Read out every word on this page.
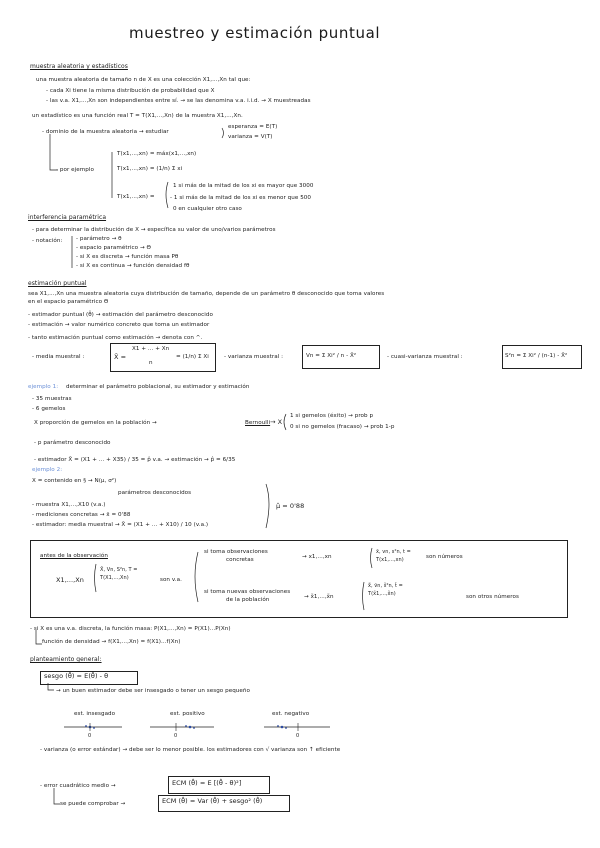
muestreo y estimación puntual
muestra aleatoria y estadísticos
una muestra aleatoria de tamaño n de X es una colección X1,...,Xn tal que:
- cada Xi tiene la misma distribución de probabilidad que X
- las v.a. X1,...,Xn son independientes entre sí. → se las denomina v.a. i.i.d. → X muestreadas
un estadístico es una función real T = T(X1,...,Xn) de la muestra X1,...,Xn.
- dominio de la muestra aleatoria → estudiar
esperanza = E(T)
varianza = V(T)
- por ejemplo
T(x1,...,xn) = máx(x1,...,xn)
T(x1,...,xn) = (1/n) Σ xi
T(x1,...,xn) =
1 si más de la mitad de los xi es mayor que 3000
- 1 si más de la mitad de los xi es menor que 500
0 en cualquier otro caso
interferencia paramétrica
- para determinar la distribución de X → específica su valor de uno/varios parámetros
- notación: - parámetro → θ
- espacio paramétrico → Θ
- si X es discreta → función masa Pθ
- si X es continua → función densidad fθ
estimación puntual
sea X1,...,Xn una muestra aleatoria cuya distribución de tamaño, depende de un parámetro θ desconocido que toma valores
en el espacio paramétrico Θ
- estimador puntual (θ̂) → estimación del parámetro desconocido
- estimación → valor numérico concreto que toma un estimador
- tanto estimación puntual como estimación → denota con ^.
- media muestral :	X̄ =
X1 + ... + Xn
n
= (1/n) Σ Xi	- varianza muestral :	Vn = Σ Xi² / n - X̄²	- cuasi-varianza muestral :	S²n = Σ Xi² / (n-1) - X̄²
ejemplo 1: determinar el parámetro poblacional, su estimador y estimación
- 35 muestras
- 6 gemelos
X proporción de gemelos en la población →	Bernoulli → X
1 si gemelos (éxito) → prob p
0 si no gemelos (fracaso) → prob 1-p
- p parámetro desconocido
- estimador X̄ = (X1 + ... + X35) / 35 = p̂ v.a. → estimación → p̂ = 6/35
ejemplo 2:
X = contenido en § → N(μ, σ²)
parámetros desconocidos
- muestra X1,...,X10 (v.a.)
- mediciones concretas → x̄ = 0'88
- estimador: media muestral → X̄ = (X1 + ... + X10) / 10 (v.a.)
μ̂ = 0'88
antes de la observación
X1,...,Xn
X̄, Vn, S²n, T = T(X1,...,Xn)	son v.a.
si toma observaciones
concretas	→ x1,...,xn
x̄, vn, s²n, t = T(x1,...,xn)	son números
si toma nuevas observaciones
de la población	→ x̃1,...,x̃n
x̃̄, ṽn, s̃²n, t̃ = T(x̃1,...,x̃n)	son otros números
- si X es una v.a. discreta, la función masa: P(X1,...,Xn) = P(X1)...P(Xn)
función de densidad → f(X1,...,Xn) = f(X1)...f(Xn)
planteamiento general:
sesgo (θ̂) = E(θ̂) - θ
→ un buen estimador debe ser insesgado o tener un sesgo pequeño
est. insesgado	est. positivo	est. negativo
0	0	0
- varianza (o error estándar) → debe ser lo menor posible. los estimadores con √ varianza son ↑ eficiente
- error cuadrático medio →	ECM (θ̂) = E [(θ̂ - θ)²]
se puede comprobar →	ECM (θ̂) = Var (θ̂) + sesgo² (θ̂)
